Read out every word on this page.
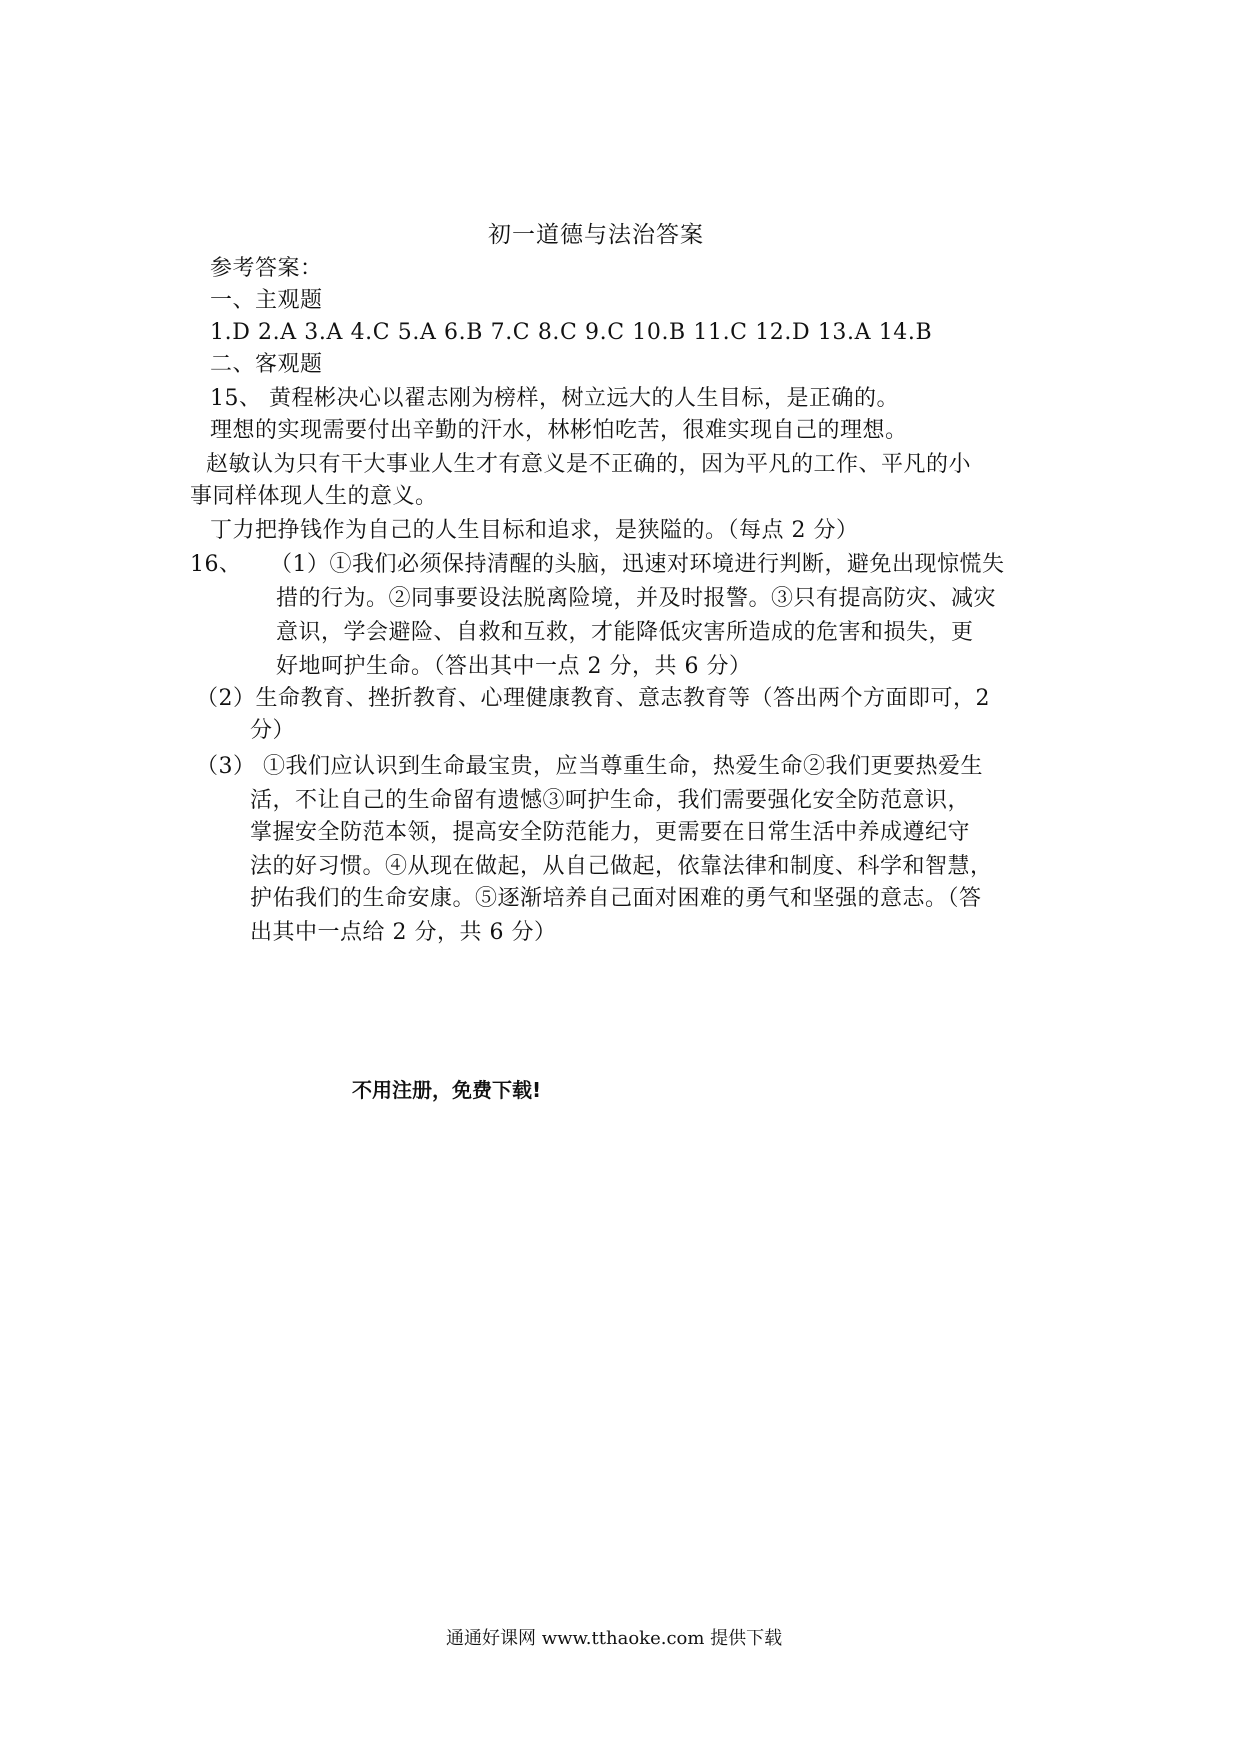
初一道德与法治答案
参考答案：
一、主观题
1.D 2.A 3.A 4.C 5.A 6.B 7.C 8.C 9.C 10.B 11.C 12.D 13.A 14.B
二、客观题
15、 黄程彬决心以翟志刚为榜样，树立远大的人生目标，是正确的。
理想的实现需要付出辛勤的汗水，林彬怕吃苦，很难实现自己的理想。
赵敏认为只有干大事业人生才有意义是不正确的，因为平凡的工作、平凡的小
事同样体现人生的意义。
丁力把挣钱作为自己的人生目标和追求，是狭隘的。（每点 2 分）
16、 （1）①我们必须保持清醒的头脑，迅速对环境进行判断，避免出现惊慌失
措的行为。②同事要设法脱离险境，并及时报警。③只有提高防灾、减灾
意识，学会避险、自救和互救，才能降低灾害所造成的危害和损失，更
好地呵护生命。（答出其中一点 2 分，共 6 分）
（2）生命教育、挫折教育、心理健康教育、意志教育等（答出两个方面即可，2
分）
（3） ①我们应认识到生命最宝贵，应当尊重生命，热爱生命②我们更要热爱生
活，不让自己的生命留有遗憾③呵护生命，我们需要强化安全防范意识，
掌握安全防范本领，提高安全防范能力，更需要在日常生活中养成遵纪守
法的好习惯。④从现在做起，从自己做起，依靠法律和制度、科学和智慧，
护佑我们的生命安康。⑤逐渐培养自己面对困难的勇气和坚强的意志。（答
出其中一点给 2 分，共 6 分）
不用注册，免费下载!
通通好课网 www.tthaoke.com 提供下载
